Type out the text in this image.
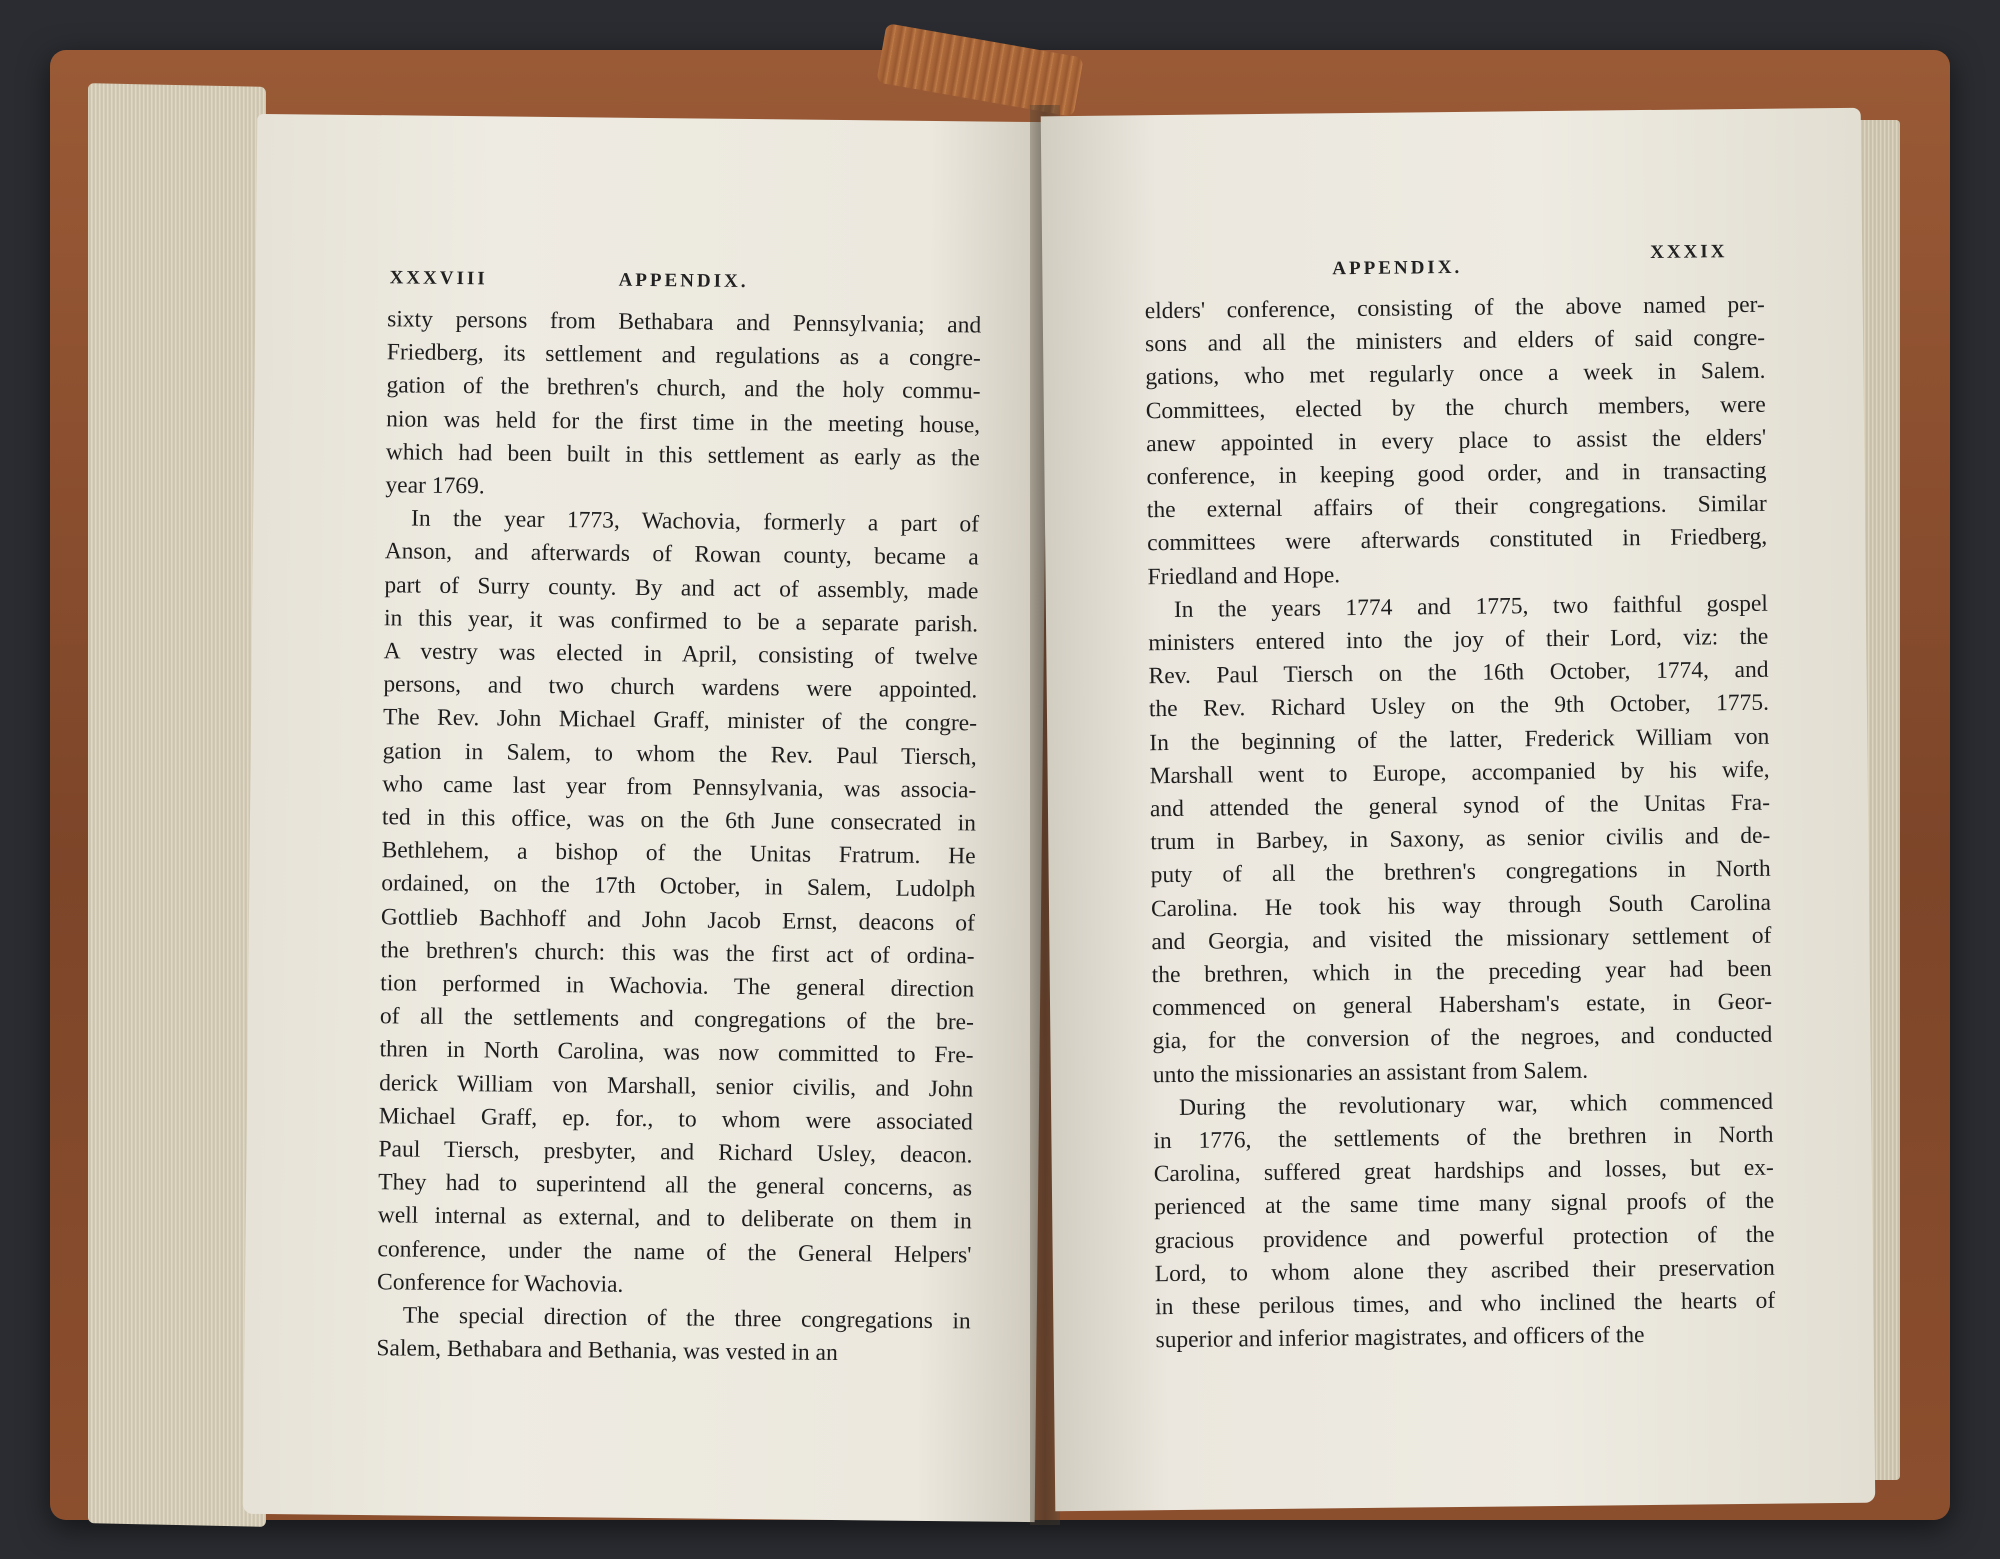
XXXVIII	APPENDIX.
sixty persons from Bethabara and Pennsylvania; and
Friedberg, its settlement and regulations as a congre-
gation of the brethren's church, and the holy commu-
nion was held for the first time in the meeting house,
which had been built in this settlement as early as the
year 1769.
In the year 1773, Wachovia, formerly a part of
Anson, and afterwards of Rowan county, became a
part of Surry county. By and act of assembly, made
in this year, it was confirmed to be a separate parish.
A vestry was elected in April, consisting of twelve
persons, and two church wardens were appointed.
The Rev. John Michael Graff, minister of the congre-
gation in Salem, to whom the Rev. Paul Tiersch,
who came last year from Pennsylvania, was associa-
ted in this office, was on the 6th June consecrated in
Bethlehem, a bishop of the Unitas Fratrum. He
ordained, on the 17th October, in Salem, Ludolph
Gottlieb Bachhoff and John Jacob Ernst, deacons of
the brethren's church: this was the first act of ordina-
tion performed in Wachovia. The general direction
of all the settlements and congregations of the bre-
thren in North Carolina, was now committed to Fre-
derick William von Marshall, senior civilis, and John
Michael Graff, ep. for., to whom were associated
Paul Tiersch, presbyter, and Richard Usley, deacon.
They had to superintend all the general concerns, as
well internal as external, and to deliberate on them in
conference, under the name of the General Helpers'
Conference for Wachovia.
The special direction of the three congregations in
Salem, Bethabara and Bethania, was vested in an
APPENDIX.
XXXIX
elders' conference, consisting of the above named per-
sons and all the ministers and elders of said congre-
gations, who met regularly once a week in Salem.
Committees, elected by the church members, were
anew appointed in every place to assist the elders'
conference, in keeping good order, and in transacting
the external affairs of their congregations. Similar
committees were afterwards constituted in Friedberg,
Friedland and Hope.
In the years 1774 and 1775, two faithful gospel
ministers entered into the joy of their Lord, viz: the
Rev. Paul Tiersch on the 16th October, 1774, and
the Rev. Richard Usley on the 9th October, 1775.
In the beginning of the latter, Frederick William von
Marshall went to Europe, accompanied by his wife,
and attended the general synod of the Unitas Fra-
trum in Barbey, in Saxony, as senior civilis and de-
puty of all the brethren's congregations in North
Carolina. He took his way through South Carolina
and Georgia, and visited the missionary settlement of
the brethren, which in the preceding year had been
commenced on general Habersham's estate, in Geor-
gia, for the conversion of the negroes, and conducted
unto the missionaries an assistant from Salem.
During the revolutionary war, which commenced
in 1776, the settlements of the brethren in North
Carolina, suffered great hardships and losses, but ex-
perienced at the same time many signal proofs of the
gracious providence and powerful protection of the
Lord, to whom alone they ascribed their preservation
in these perilous times, and who inclined the hearts of
superior and inferior magistrates, and officers of the
